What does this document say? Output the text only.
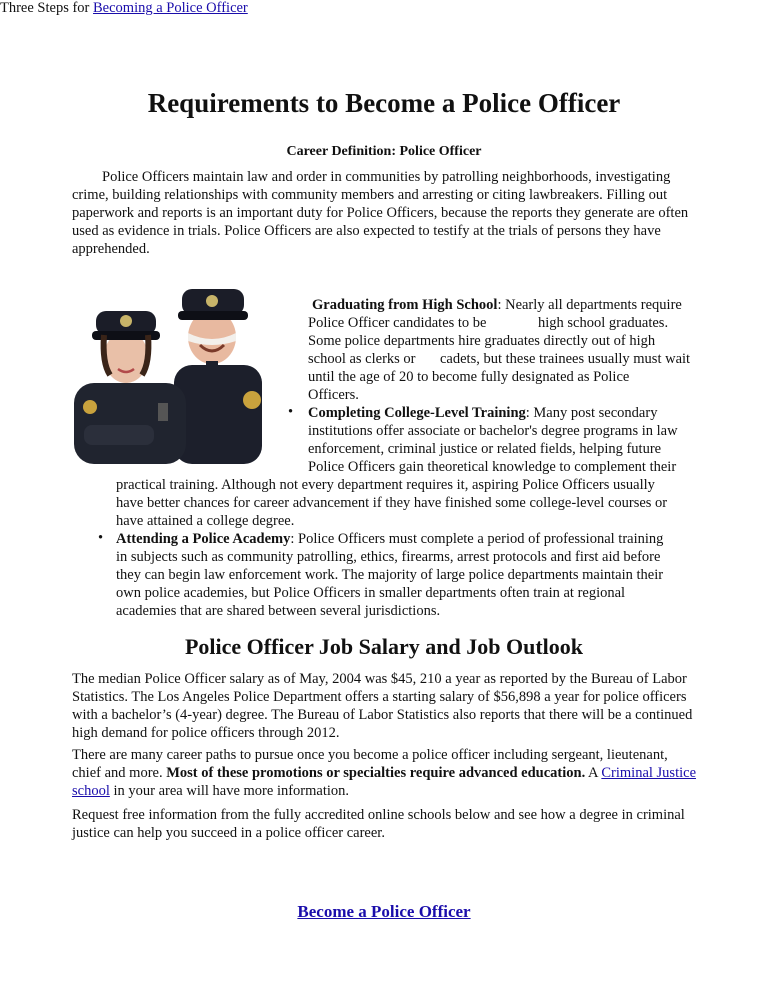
Requirements to Become a Police Officer
Career Definition: Police Officer

Police Officers maintain law and order in communities by patrolling neighborhoods, investigating crime, building relationships with community members and arresting or citing lawbreakers. Filling out paperwork and reports is an important duty for Police Officers, because the reports they generate are often used as evidence in trials. Police Officers are also expected to testify at the trials of persons they have apprehended.

Three Steps for Becoming a Police Officer
Graduating from High School: Nearly all departments require
Police Officer candidates to be	high school graduates.
Some police departments hire graduates directly out of high
school as clerks or cadets, but these trainees usually must wait
until the age of 20 to become fully designated as Police
Officers.
• Completing College-Level Training: Many post secondary
institutions offer associate or bachelor's degree programs in law
enforcement, criminal justice or related fields, helping future
Police Officers gain theoretical knowledge to complement their
practical training. Although not every department requires it, aspiring Police Officers usually
have better chances for career advancement if they have finished some college-level courses or
have attained a college degree.
• Attending a Police Academy: Police Officers must complete a period of professional training
in subjects such as community patrolling, ethics, firearms, arrest protocols and first aid before
they can begin law enforcement work. The majority of large police departments maintain their
own police academies, but Police Officers in smaller departments often train at regional
academies that are shared between several jurisdictions.
Police Officer Job Salary and Job Outlook

The median Police Officer salary as of May, 2004 was $45, 210 a year as reported by the Bureau of Labor Statistics. The Los Angeles Police Department offers a starting salary of $56,898 a year for police officers with a bachelor’s (4-year) degree. The Bureau of Labor Statistics also reports that there will be a continued high demand for police officers through 2012.

There are many career paths to pursue once you become a police officer including sergeant, lieutenant, chief and more. Most of these promotions or specialties require advanced education. A Criminal Justice school in your area will have more information.

Request free information from the fully accredited online schools below and see how a degree in criminal justice can help you succeed in a police officer career.

Become a Police Officer
